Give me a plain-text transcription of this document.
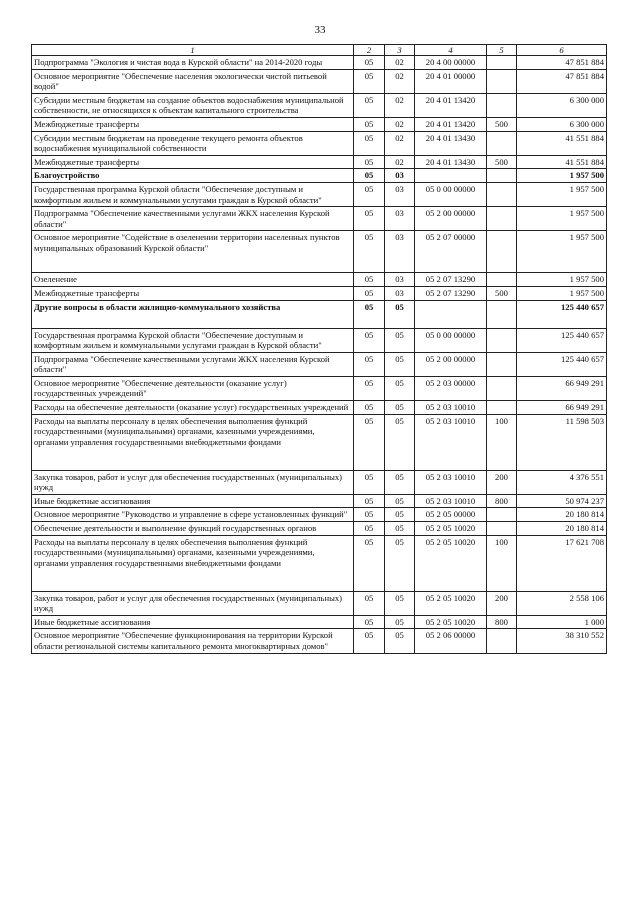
33
1	2	3	4	5	6
Подпрограмма "Экология и чистая вода в Курской области" на 2014-2020 годы	05	02	20 4 00 00000		47 851 884
Основное мероприятие "Обеспечение населения экологически чистой питьевой водой"	05	02	20 4 01 00000		47 851 884
Субсидии местным бюджетам на создание объектов водоснабжения муниципальной собственности, не относящихся к объектам капитального строительства	05	02	20 4 01 13420		6 300 000
Межбюджетные трансферты	05	02	20 4 01 13420	500	6 300 000
Субсидии местным бюджетам на проведение текущего ремонта объектов водоснабжения муниципальной собственности	05	02	20 4 01 13430		41 551 884
Межбюджетные трансферты	05	02	20 4 01 13430	500	41 551 884
Благоустройство	05	03			1 957 500
Государственная программа Курской области "Обеспечение доступным и комфортным жильем и коммунальными услугами граждан в Курской области"	05	03	05 0 00 00000		1 957 500
Подпрограмма "Обеспечение качественными услугами ЖКХ населения Курской области"	05	03	05 2 00 00000		1 957 500
Основное мероприятие "Содействие в озеленении территории населенных пунктов муниципальных образований Курской области"	05	03	05 2 07 00000		1 957 500
Озеленение	05	03	05 2 07 13290		1 957 500
Межбюджетные трансферты	05	03	05 2 07 13290	500	1 957 500
Другие вопросы в области жилищно-коммунального хозяйства	05	05			125 440 657
Государственная программа Курской области "Обеспечение доступным и комфортным жильем и коммунальными услугами граждан в Курской области"	05	05	05 0 00 00000		125 440 657
Подпрограмма "Обеспечение качественными услугами ЖКХ населения Курской области"	05	05	05 2 00 00000		125 440 657
Основное мероприятие "Обеспечение деятельности (оказание услуг) государственных учреждений"	05	05	05 2 03 00000		66 949 291
Расходы на обеспечение деятельности (оказание услуг) государственных учреждений	05	05	05 2 03 10010		66 949 291
Расходы на выплаты персоналу в целях обеспечения выполнения функций государственными (муниципальными) органами, казенными учреждениями, органами управления государственными внебюджетными фондами	05	05	05 2 03 10010	100	11 598 503
Закупка товаров, работ и услуг для обеспечения государственных (муниципальных) нужд	05	05	05 2 03 10010	200	4 376 551
Иные бюджетные ассигнования	05	05	05 2 03 10010	800	50 974 237
Основное мероприятие "Руководство и управление в сфере установленных функций"	05	05	05 2 05 00000		20 180 814
Обеспечение деятельности и выполнение функций государственных органов	05	05	05 2 05 10020		20 180 814
Расходы на выплаты персоналу в целях обеспечения выполнения функций государственными (муниципальными) органами, казенными учреждениями, органами управления государственными внебюджетными фондами	05	05	05 2 05 10020	100	17 621 708
Закупка товаров, работ и услуг для обеспечения государственных (муниципальных) нужд	05	05	05 2 05 10020	200	2 558 106
Иные бюджетные ассигнования	05	05	05 2 05 10020	800	1 000
Основное мероприятие "Обеспечение функционирования на территории Курской области региональной системы капитального ремонта многоквартирных домов"	05	05	05 2 06 00000		38 310 552
